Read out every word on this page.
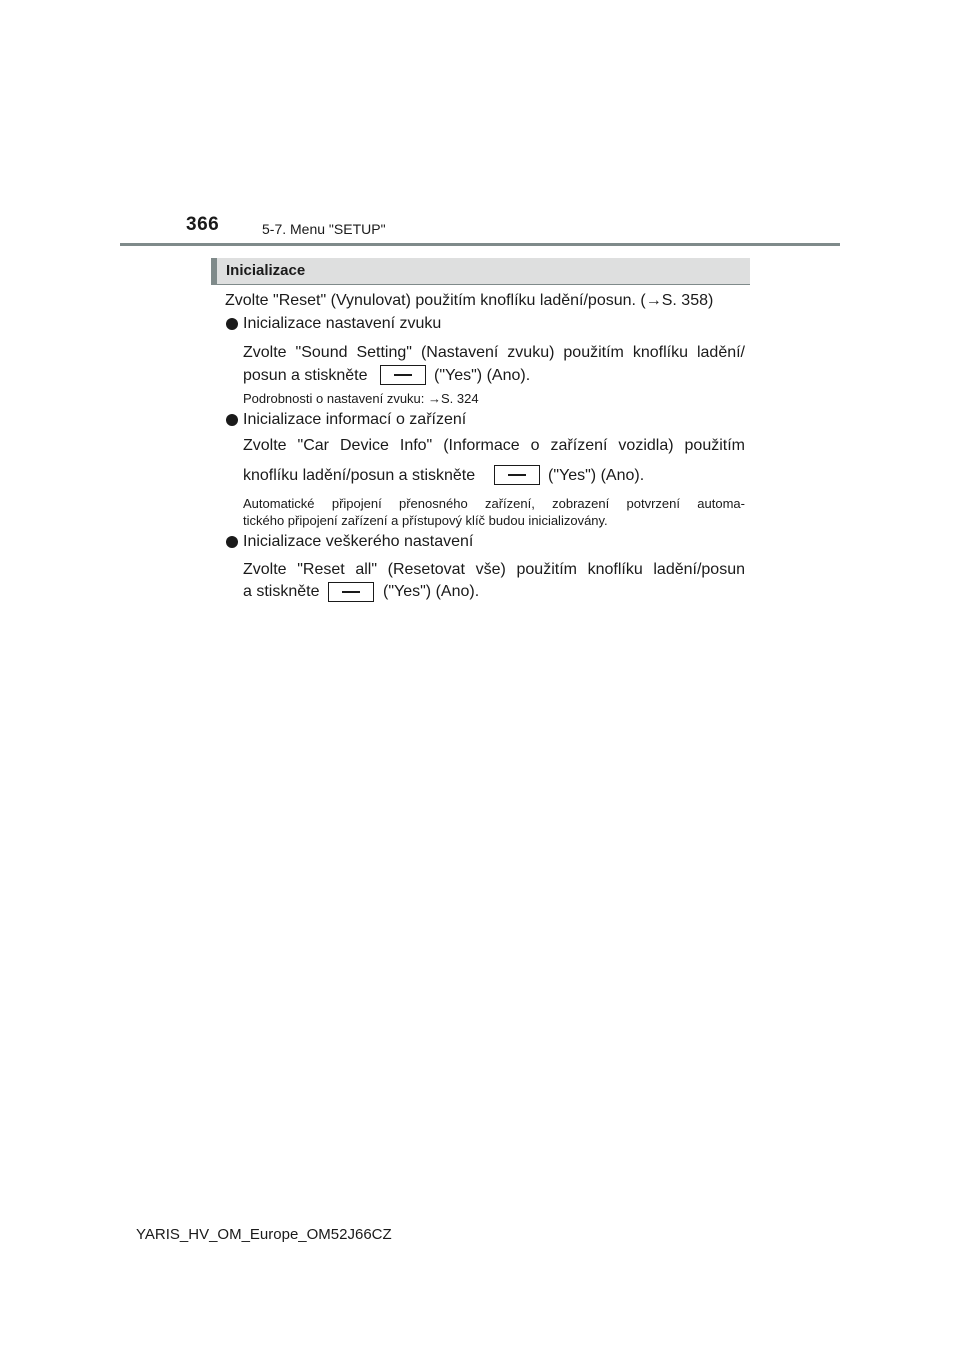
366	5-7. Menu "SETUP"
Inicializace
Zvolte "Reset" (Vynulovat) použitím knoflíku ladění/posun. (→S. 358)
Inicializace nastavení zvuku
Zvolte "Sound Setting" (Nastavení zvuku) použitím knoflíku ladění/
posun a stiskněte	("Yes") (Ano).
Podrobnosti o nastavení zvuku: →S. 324
Inicializace informací o zařízení
Zvolte "Car Device Info" (Informace o zařízení vozidla) použitím
knoflíku ladění/posun a stiskněte	("Yes") (Ano).
Automatické připojení přenosného zařízení, zobrazení potvrzení automa-
tického připojení zařízení a přístupový klíč budou inicializovány.
Inicializace veškerého nastavení
Zvolte "Reset all" (Resetovat vše) použitím knoflíku ladění/posun
a stiskněte	("Yes") (Ano).
YARIS_HV_OM_Europe_OM52J66CZ
